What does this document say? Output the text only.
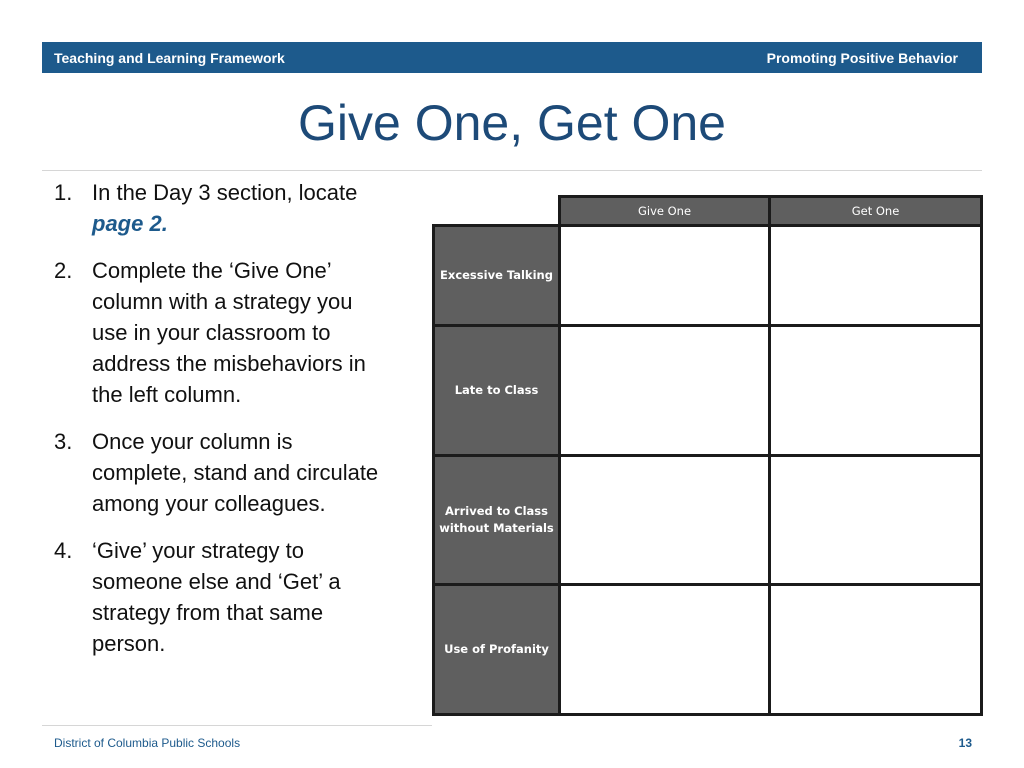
Teaching and Learning Framework	Promoting Positive Behavior
Give One, Get One
1. In the Day 3 section, locate page 2.
2. Complete the ‘Give One’ column with a strategy you use in your classroom to address the misbehaviors in the left column.
3. Once your column is complete, stand and circulate among your colleagues.
4. ‘Give’ your strategy to someone else and ‘Get’ a strategy from that same person.
	Give One	Get One
Excessive Talking		
Late to Class		
Arrived to Class without Materials		
Use of Profanity		
District of Columbia Public Schools	13
